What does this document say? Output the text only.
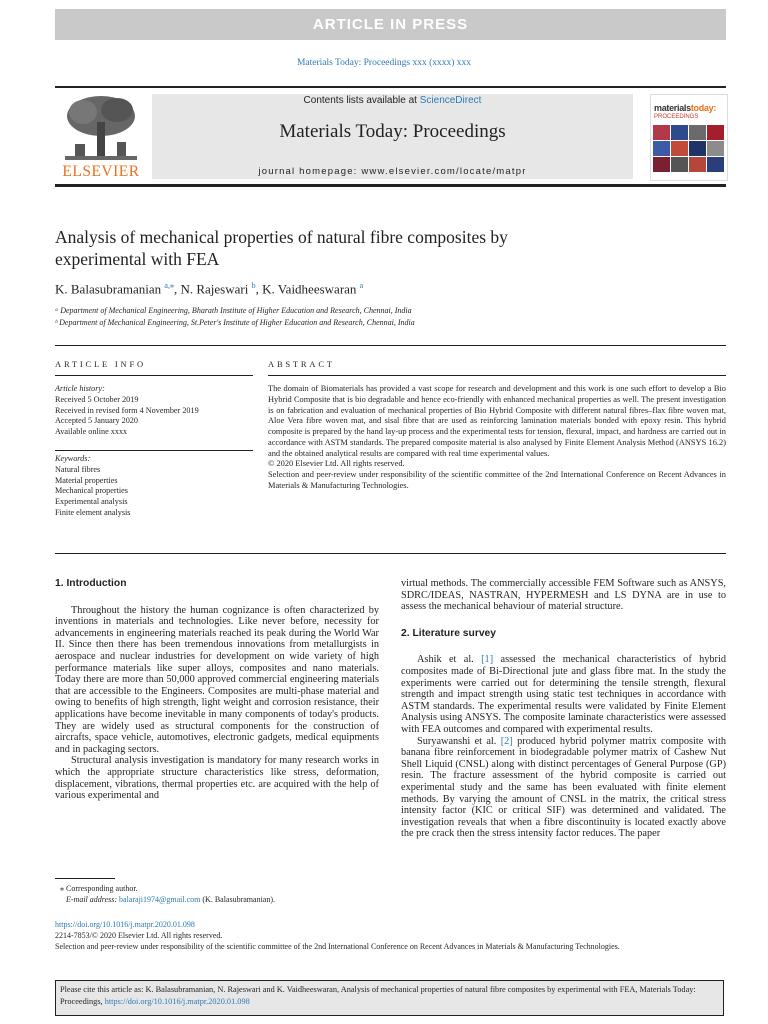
ARTICLE IN PRESS
Materials Today: Proceedings xxx (xxxx) xxx
ELSEVIER
Contents lists available at ScienceDirect
Materials Today: Proceedings
journal homepage: www.elsevier.com/locate/matpr
materialstoday:
PROCEEDINGS
Analysis of mechanical properties of natural fibre composites by
experimental with FEA
K. Balasubramanian $^{a,⁎}$, N. Rajeswari $^b$, K. Vaidheeswaran $^a$
ᵃ Department of Mechanical Engineering, Bharath Institute of Higher Education and Research, Chennai, India
ᵇ Department of Mechanical Engineering, St.Peter's Institute of Higher Education and Research, Chennai, India
ARTICLE INFO	ABSTRACT
Article history:
Received 5 October 2019
Received in revised form 4 November 2019
Accepted 5 January 2020
Available online xxxx
Keywords:
Natural fibres
Material properties
Mechanical properties
Experimental analysis
Finite element analysis
The domain of Biomaterials has provided a vast scope for research and development and this work is one such effort to develop a Bio Hybrid Composite that is bio degradable and hence eco-friendly with enhanced mechanical properties as well. The present investigation is on fabrication and evaluation of mechanical properties of Bio Hybrid Composite with different natural fibres–flax fibre woven mat, Aloe Vera fibre woven mat, and sisal fibre that are used as reinforcing lamination materials bonded with epoxy resin. This hybrid composite is prepared by the hand lay-up process and the experimental tests for tension, flexural, impact, and hardness are carried out in accordance with ASTM standards. The prepared composite material is also analysed by Finite Element Analysis Method (ANSYS 16.2) and the obtained analytical results are compared with real time experimental values.
© 2020 Elsevier Ltd. All rights reserved.
Selection and peer-review under responsibility of the scientific committee of the 2nd International Conference on Recent Advances in Materials & Manufacturing Technologies.
1. Introduction

Throughout the history the human cognizance is often characterized by inventions in materials and technologies. Like never before, necessity for advancements in engineering materials reached its peak during the World War II. Since then there has been tremendous innovations from metallurgists in aerospace and nuclear industries for development on wide variety of high performance materials like super alloys, composites and nano materials. Today there are more than 50,000 approved commercial engineering materials that are accessible to the Engineers. Composites are multi-phase material and owing to benefits of high strength, light weight and corrosion resistance, their applications have become inevitable in many components of today's products. They are widely used as structural components for the construction of aircrafts, space vehicle, automotives, electronic gadgets, medical equipments and in packaging sectors.

Structural analysis investigation is mandatory for many research works in which the appropriate structure characteristics like stress, deformation, displacement, vibrations, thermal properties etc. are acquired with the help of various experimental and

virtual methods. The commercially accessible FEM Software such as ANSYS, SDRC/IDEAS, NASTRAN, HYPERMESH and LS DYNA are in use to assess the mechanical behaviour of material structure.

2. Literature survey

Ashik et al. [1] assessed the mechanical characteristics of hybrid composites made of Bi-Directional jute and glass fibre mat. In the study the experiments were carried out for determining the tensile strength, flexural strength and impact strength using static test techniques in accordance with ASTM standards. The experimental results were validated by Finite Element Analysis using ANSYS. The composite laminate characteristics were assessed with FEA outcomes and compared with experimental results.

Suryawanshi et al. [2] produced hybrid polymer matrix composite with banana fibre reinforcement in biodegradable polymer matrix of Cashew Nut Shell Liquid (CNSL) along with distinct percentages of General Purpose (GP) resin. The fracture assessment of the hybrid composite is carried out experimental study and the same has been evaluated with finite element methods. By varying the amount of CNSL in the matrix, the critical stress intensity factor (KIC or critical SIF) was determined and validated. The investigation reveals that when a fibre discontinuity is located exactly above the pre crack then the stress intensity factor reduces. The paper

⁎ Corresponding author.
E-mail address: balaraji1974@gmail.com (K. Balasubramanian).
https://doi.org/10.1016/j.matpr.2020.01.098
2214-7853/© 2020 Elsevier Ltd. All rights reserved.
Selection and peer-review under responsibility of the scientific committee of the 2nd International Conference on Recent Advances in Materials & Manufacturing Technologies.
Please cite this article as: K. Balasubramanian, N. Rajeswari and K. Vaidheeswaran, Analysis of mechanical properties of natural fibre composites by experimental with FEA, Materials Today: Proceedings, https://doi.org/10.1016/j.matpr.2020.01.098
